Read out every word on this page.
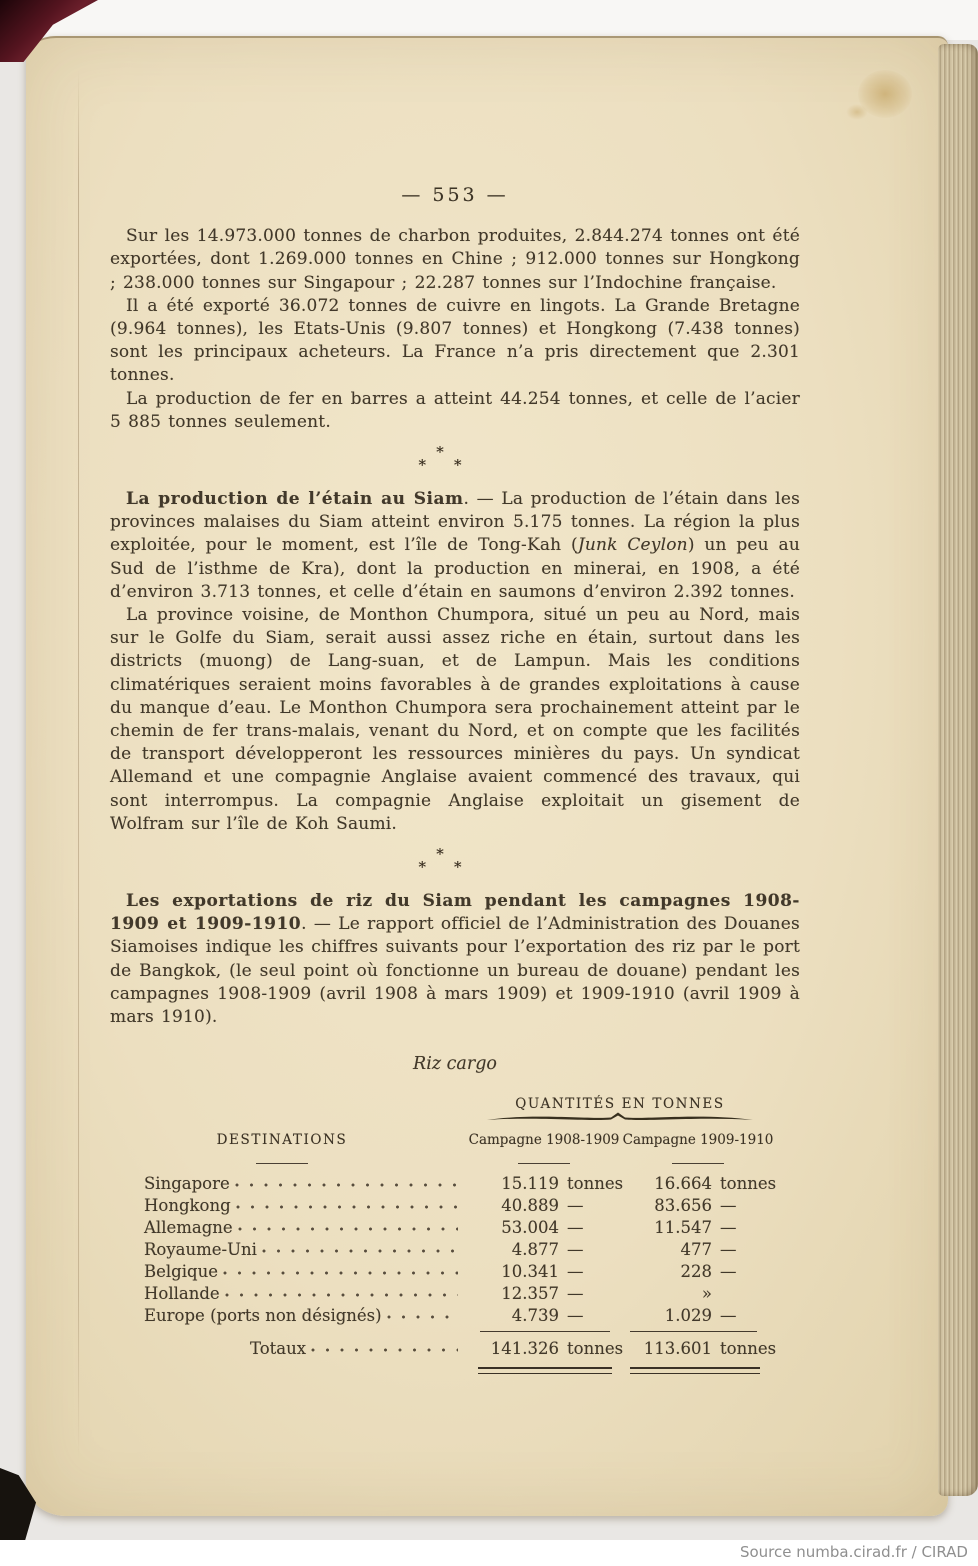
— 553 —

Sur les 14.973.000 tonnes de charbon produites, 2.844.274 tonnes ont été exportées, dont 1.269.000 tonnes en Chine ; 912.000 tonnes sur Hongkong ; 238.000 tonnes sur Singapour ; 22.287 tonnes sur l’Indochine française.

Il a été exporté 36.072 tonnes de cuivre en lingots. La Grande Bretagne (9.964 tonnes), les Etats-Unis (9.807 tonnes) et Hongkong (7.438 tonnes) sont les principaux acheteurs. La France n’a pris directement que 2.301 tonnes.

La production de fer en barres a atteint 44.254 tonnes, et celle de l’acier 5 885 tonnes seulement.

*
* *

La production de l’étain au Siam. — La production de l’étain dans les provinces malaises du Siam atteint environ 5.175 tonnes. La région la plus exploitée, pour le moment, est l’île de Tong-Kah (Junk Ceylon) un peu au Sud de l’isthme de Kra), dont la production en minerai, en 1908, a été d’environ 3.713 tonnes, et celle d’étain en saumons d’environ 2.392 tonnes.

La province voisine, de Monthon Chumpora, situé un peu au Nord, mais sur le Golfe du Siam, serait aussi assez riche en étain, surtout dans les districts (muong) de Lang-suan, et de Lampun. Mais les conditions climatériques seraient moins favorables à de grandes exploitations à cause du manque d’eau. Le Monthon Chumpora sera prochainement atteint par le chemin de fer trans-malais, venant du Nord, et on compte que les facilités de transport développeront les ressources minières du pays. Un syndicat Allemand et une compagnie Anglaise avaient commencé des travaux, qui sont interrompus. La compagnie Anglaise exploitait un gisement de Wolfram sur l’île de Koh Saumi.

*
* *

Les exportations de riz du Siam pendant les campagnes 1908-1909 et 1909-1910. — Le rapport officiel de l’Administration des Douanes Siamoises indique les chiffres suivants pour l’exportation des riz par le port de Bangkok, (le seul point où fonctionne un bureau de douane) pendant les campagnes 1908-1909 (avril 1908 à mars 1909) et 1909-1910 (avril 1909 à mars 1910).

Riz cargo

QUANTITÉS EN TONNES
DESTINATIONS	Campagne 1908-1909 Campagne 1909-1910
Singapore	15.119 tonnes	16.664 tonnes
Hongkong	40.889 —	83.656 —
Allemagne	53.004 —	11.547 —
Royaume-Uni	4.877 —	477 —
Belgique	10.341 —	228 —
Hollande	12.357 —	»
Europe (ports non désignés)	4.739 —	1.029 —
Totaux	141.326 tonnes	113.601 tonnes
Source numba.cirad.fr / CIRAD
